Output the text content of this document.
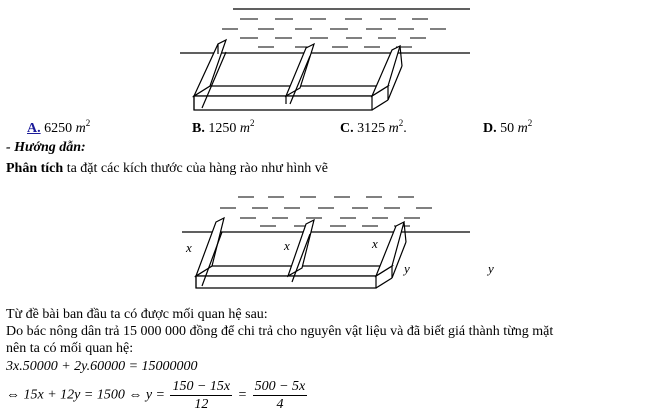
A. 6250 $m^2$	B. 1250 $m^2$	C. 3125 $m^2$.	D. 50 $m^2$
- Hướng dẫn:
Phân tích ta đặt các kích thước của hàng rào như hình vẽ
x	x	x
y	y
Từ đề bài ban đầu ta có được mối quan hệ sau:
Do bác nông dân trả 15 000 000 đồng để chi trả cho nguyên vật liệu và đã biết giá thành từng mặt
nên ta có mối quan hệ:
3x.50000 + 2y.60000 = 15000000
⇔ 15x + 12y = 1500 ⇔ $y = \frac{150 - 15x}{12} = \frac{500 - 5x}{4}$
